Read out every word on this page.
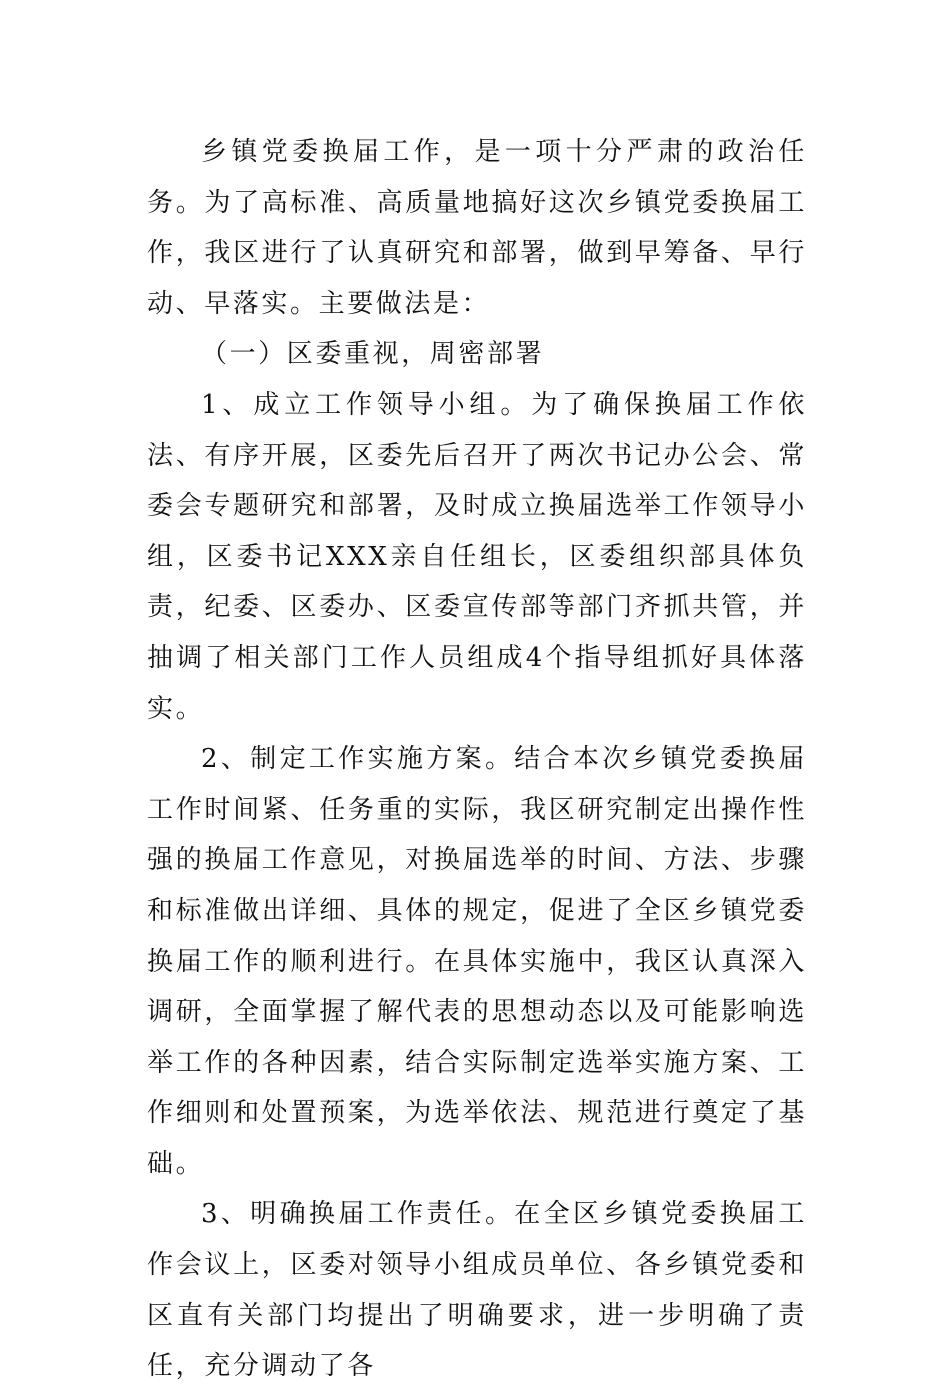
乡镇党委换届工作，是一项十分严肃的政治任务。为了高标准、高质量地搞好这次乡镇党委换届工作，我区进行了认真研究和部署，做到早筹备、早行动、早落实。主要做法是：

（一）区委重视，周密部署

1、成立工作领导小组。为了确保换届工作依法、有序开展，区委先后召开了两次书记办公会、常委会专题研究和部署，及时成立换届选举工作领导小组，区委书记XXX亲自任组长，区委组织部具体负责，纪委、区委办、区委宣传部等部门齐抓共管，并抽调了相关部门工作人员组成4个指导组抓好具体落实。

2、制定工作实施方案。结合本次乡镇党委换届工作时间紧、任务重的实际，我区研究制定出操作性强的换届工作意见，对换届选举的时间、方法、步骤和标准做出详细、具体的规定，促进了全区乡镇党委换届工作的顺利进行。在具体实施中，我区认真深入调研，全面掌握了解代表的思想动态以及可能影响选举工作的各种因素，结合实际制定选举实施方案、工作细则和处置预案，为选举依法、规范进行奠定了基础。

3、明确换届工作责任。在全区乡镇党委换届工作会议上，区委对领导小组成员单位、各乡镇党委和区直有关部门均提出了明确要求，进一步明确了责任，充分调动了各
